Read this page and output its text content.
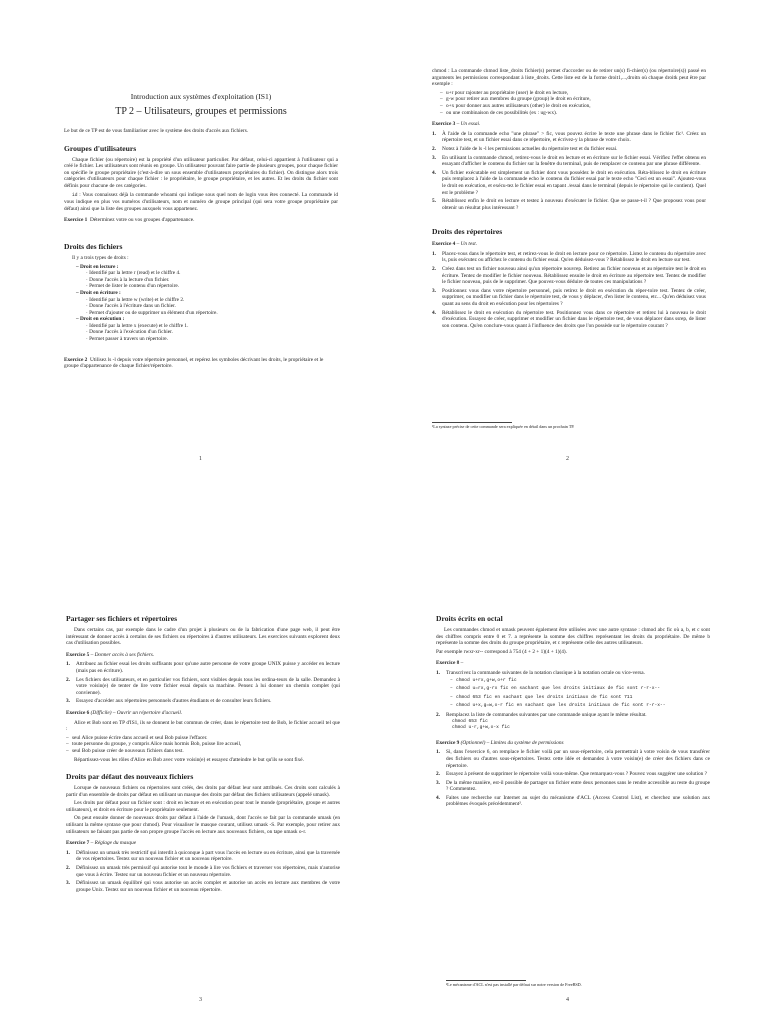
Introduction aux systèmes d'exploitation (IS1)
TP 2 – Utilisateurs, groupes et permissions

Le but de ce TP est de vous familiariser avec le système des droits d'accès aux fichiers.

Groupes d'utilisateurs

Chaque fichier (ou répertoire) est la propriété d'un utilisateur particulier. Par défaut, celui-ci appartient à l'utilisateur qui a créé le fichier. Les utilisateurs sont réunis en groupe. Un utilisateur pouvant faire partie de plusieurs groupes, pour chaque fichier on spécifie le groupe propriétaire (c'est-à-dire un sous ensemble d'utilisateurs propriétaires du fichier). On distingue alors trois catégories d'utilisateurs pour chaque fichier : le propriétaire, le groupe propriétaire, et les autres. Et les droits du fichier sont définis pour chacune de ces catégories.

id : Vous connaissez déjà la commande whoami qui indique sous quel nom de login vous êtes connecté. La commande id vous indique en plus vos numéros d'utilisateurs, nom et numéro de groupe principal (qui sera votre groupe propriétaire par défaut) ainsi que la liste des groupes auxquels vous appartenez.

Exercice 1 Déterminez votre ou vos groupes d'appartenance.
Droits des fichiers

Il y a trois types de droits :

– Droit en lecture :
· Identifié par la lettre r (read) et le chiffre 4.
· Donne l'accès à la lecture d'un fichier.
· Permet de lister le contenu d'un répertoire.
– Droit en écriture :
· Identifié par la lettre w (write) et le chiffre 2.
· Donne l'accès à l'écriture dans un fichier.
· Permet d'ajouter ou de supprimer un élément d'un répertoire.
– Droit en exécution :
· Identifié par la lettre x (execute) et le chiffre 1.
· Donne l'accès à l'exécution d'un fichier.
· Permet passer à travers un répertoire.
Exercice 2 Utilisez ls -l depuis votre répertoire personnel, et repérez les symboles décrivant les droits, le propriétaire et le groupe d'appartenance de chaque fichier/répertoire.
1

chmod : La commande chmod liste_droits fichier(s) permet d'accorder ou de retirer un(s) fi-chier(s) (ou répertoire(s)) passé en arguments les permissions correspondant à liste_droits. Cette liste est de la forme droit1,...,droitn où chaque droitk peut être par exemple :

– u+r pour rajouter au propriétaire (user) le droit en lecture,
– g-w pour retirer aux membres du groupe (group) le droit en écriture,
– o+x pour donner aux autres utilisateurs (other) le droit en exécution,
– ou une combinaison de ces possibilités (ex : ug-wx).
Exercice 3 – Un essai.
1. À l'aide de la commande echo "une phrase" > fic, vous pouvez écrire le texte une phrase dans le fichier fic¹. Créez un répertoire test, et un fichier essai dans ce répertoire, et écrivez-y la phrase de votre choix.
2. Notez à l'aide de ls -l les permissions actuelles du répertoire test et du fichier essai.
3. En utilisant la commande chmod, retirez-vous le droit en lecture et en écriture sur le fichier essai. Vérifiez l'effet obtenu en essayant d'afficher le contenu du fichier sur la fenêtre du terminal, puis de remplacer ce contenu par une phrase différente.
4. Un fichier exécutable est simplement un fichier dont vous possédez le droit en exécution. Réta-blissez le droit en écriture puis remplacez à l'aide de la commande echo le contenu du fichier essai par le texte echo "Ceci est un essai". Ajoutez-vous le droit en exécution, et exécu-tez le fichier essai en tapant ./essai dans le terminal (depuis le répertoire qui le contient). Quel est le problème ?
5. Rétablissez enfin le droit en lecture et testez à nouveau d'exécuter le fichier. Que se passe-t-il ? Que proposez vous pour obtenir un résultat plus intéressant ?
Droits des répertoires
Exercice 4 – Un test.
1. Placez-vous dans le répertoire test, et retirez-vous le droit en lecture pour ce répertoire. Listez le contenu du répertoire avec ls, puis exécutez ou affichez le contenu du fichier essai. Qu'en déduisez-vous ? Rétablissez le droit en lecture sur test.
2. Créez dans test un fichier nouveau ainsi qu'un répertoire nouvrep. Retirez au fichier nouveau et au répertoire test le droit en écriture. Tentez de modifier le fichier nouveau. Rétablissez ensuite le droit en écriture au répertoire test. Tentez de modifier le fichier nouveau, puis de le supprimer. Que pouvez-vous déduire de toutes ces manipulations ?
3. Positionnez vous dans votre répertoire personnel, puis retirez le droit en exécution du réper-toire test. Tentez de créer, supprimer, ou modifier un fichier dans le répertoire test, de vous y déplacer, d'en lister le contenu, etc... Qu'en déduisez vous quant au sens du droit en exécution pour les répertoires ?
4. Rétablissez le droit en exécution du répertoire test. Positionnez vous dans ce répertoire et retirez lui à nouveau le droit d'exécution. Essayez de créer, supprimer et modifier un fichier dans le répertoire test, de vous déplacer dans ssrep, de lister son contenu. Qu'en conclure-vous quant à l'influence des droits que l'on possède sur le répertoire courant ?
¹La syntaxe précise de cette commande sera expliquée en détail dans un prochain TP.
2
Partager ses fichiers et répertoires

Dans certains cas, par exemple dans le cadre d'un projet à plusieurs ou de la fabrication d'une page web, il peut être intéressant de donner accès à certains de ses fichiers ou répertoires à d'autres utilisateurs. Les exercices suivants explorent deux cas d'utilisation possibles.

Exercice 5 – Donner accès à ses fichiers.
1. Attribuez au fichier essai les droits suffisants pour qu'une autre personne de votre groupe UNIX puisse y accéder en lecture (mais pas en écriture).
2. Les fichiers des utilisateurs, et en particulier vos fichiers, sont visibles depuis tous les ordina-teurs de la salle. Demandez à votre voisin(e) de tenter de lire votre fichier essai depuis sa machine. Pensez à lui donner un chemin complet (qui convienne).
3. Essayez d'accéder aux répertoires personnels d'autres étudiants et de consulter leurs fichiers.
Exercice 6 (Difficile) – Ouvrir un répertoire d'accueil.

Alice et Bob sont en TP d'IS1, ils se donnent le but commun de créer, dans le répertoire test de Bob, le fichier accueil tel que :

– seul Alice puisse écrire dans accueil et seul Bob puisse l'effacer.
– toute personne du groupe, y compris Alice mais hormis Bob, puisse lire accueil,
– seul Bob puisse créer de nouveaux fichiers dans test.

Répartissez-vous les rôles d'Alice en Bob avec votre voisin(e) et essayez d'atteindre le but qu'ils se sont fixé.

Droits par défaut des nouveaux fichiers

Lorsque de nouveaux fichiers ou répertoires sont créés, des droits par défaut leur sont attribués. Ces droits sont calculés à partir d'un ensemble de droits par défaut en utilisant un masque des droits par défaut des fichiers utilisateurs (appelé umask).

Les droits par défaut pour un fichier sont : droit en lecture et en exécution pour tout le monde (propriétaire, groupe et autres utilisateurs), et droit en écriture pour le propriétaire seulement.

On peut ensuite donner de nouveaux droits par défaut à l'aide de l'umask, dont l'accès se fait par la commande umask (en utilisant la même syntaxe que pour chmod). Pour visualiser le masque courant, utilisez umask -S. Par exemple, pour retirer aux utilisateurs ne faisant pas partie de son propre groupe l'accès en lecture aux nouveaux fichiers, on tape umask o-r.

Exercice 7 – Réglage du masque
1. Définissez un umask très restrictif qui interdit à quiconque à part vous l'accès en lecture ou en écriture, ainsi que la traversée de vos répertoires. Testez sur un nouveau fichier et un nouveau répertoire.
2. Définissez un umask très permissif qui autorise tout le monde à lire vos fichiers et traverser vos répertoires, mais n'autorise que vous à écrire. Testez sur un nouveau fichier et un nouveau répertoire.
3. Définissez un umask équilibré qui vous autorise un accès complet et autorise un accès en lecture aux membres de votre groupe Unix. Testez sur un nouveau fichier et un nouveau répertoire.
3
Droits écrits en octal

Les commandes chmod et umask peuvent également être utilisées avec une autre syntaxe : chmod abc fic où a, b, et c sont des chiffres compris entre 0 et 7. a représente la somme des chiffres représentant les droits du propriétaire. De même b représente la somme des droits du groupe propriétaire, et c représente celle des autres utilisateurs.

Par exemple rwxr-xr-- correspond à 754 (4 + 2 + 1)(4 + 1)(4).

Exercice 8 –
1. Transcrivez la commande suivantes de la notation classique à la notation octale ou vice-versa.
– chmod u+rx,g+w,o+r fic
– chmod u=rx,g-rx fic en sachant que les droits initiaux de fic sont r-r-x--
– chmod 653 fic en sachant que les droits initiaux de fic sont 711
– chmod u+x,g=w,o-r fic en sachant que les droits initiaux de fic sont r-r-x--
2. Remplacez la liste de commandes suivantes par une commande unique ayant le même résultat.
chmod 653 fic
chmod u-r,g+w,o-x fic
Exercice 9 (Optionnel) – Limites du système de permissions
1. Si, dans l'exercice 6, on remplace le fichier voilà par un sous-répertoire, cela permettrait à votre voisin de vous transférer des fichiers ou d'autres sous-répertoires. Testez cette idée et demandez à votre voisin(e) de créer des fichiers dans ce répertoire.
2. Essayez à présent de supprimer le répertoire voilà vous-même. Que remarquez-vous ? Pouvez vous suggérer une solution ?
3. De la même manière, est-il possible de partager un fichier entre deux personnes sans le rendre accessible au reste du groupe ? Commentez.
4. Faites une recherche sur Internet au sujet du mécanisme d'ACL (Access Control List), et cherchez une solution aux problèmes évoqués précédemment².
²Le mécanisme d'ACL n'est pas installé par défaut sur notre version de FreeBSD.
4
